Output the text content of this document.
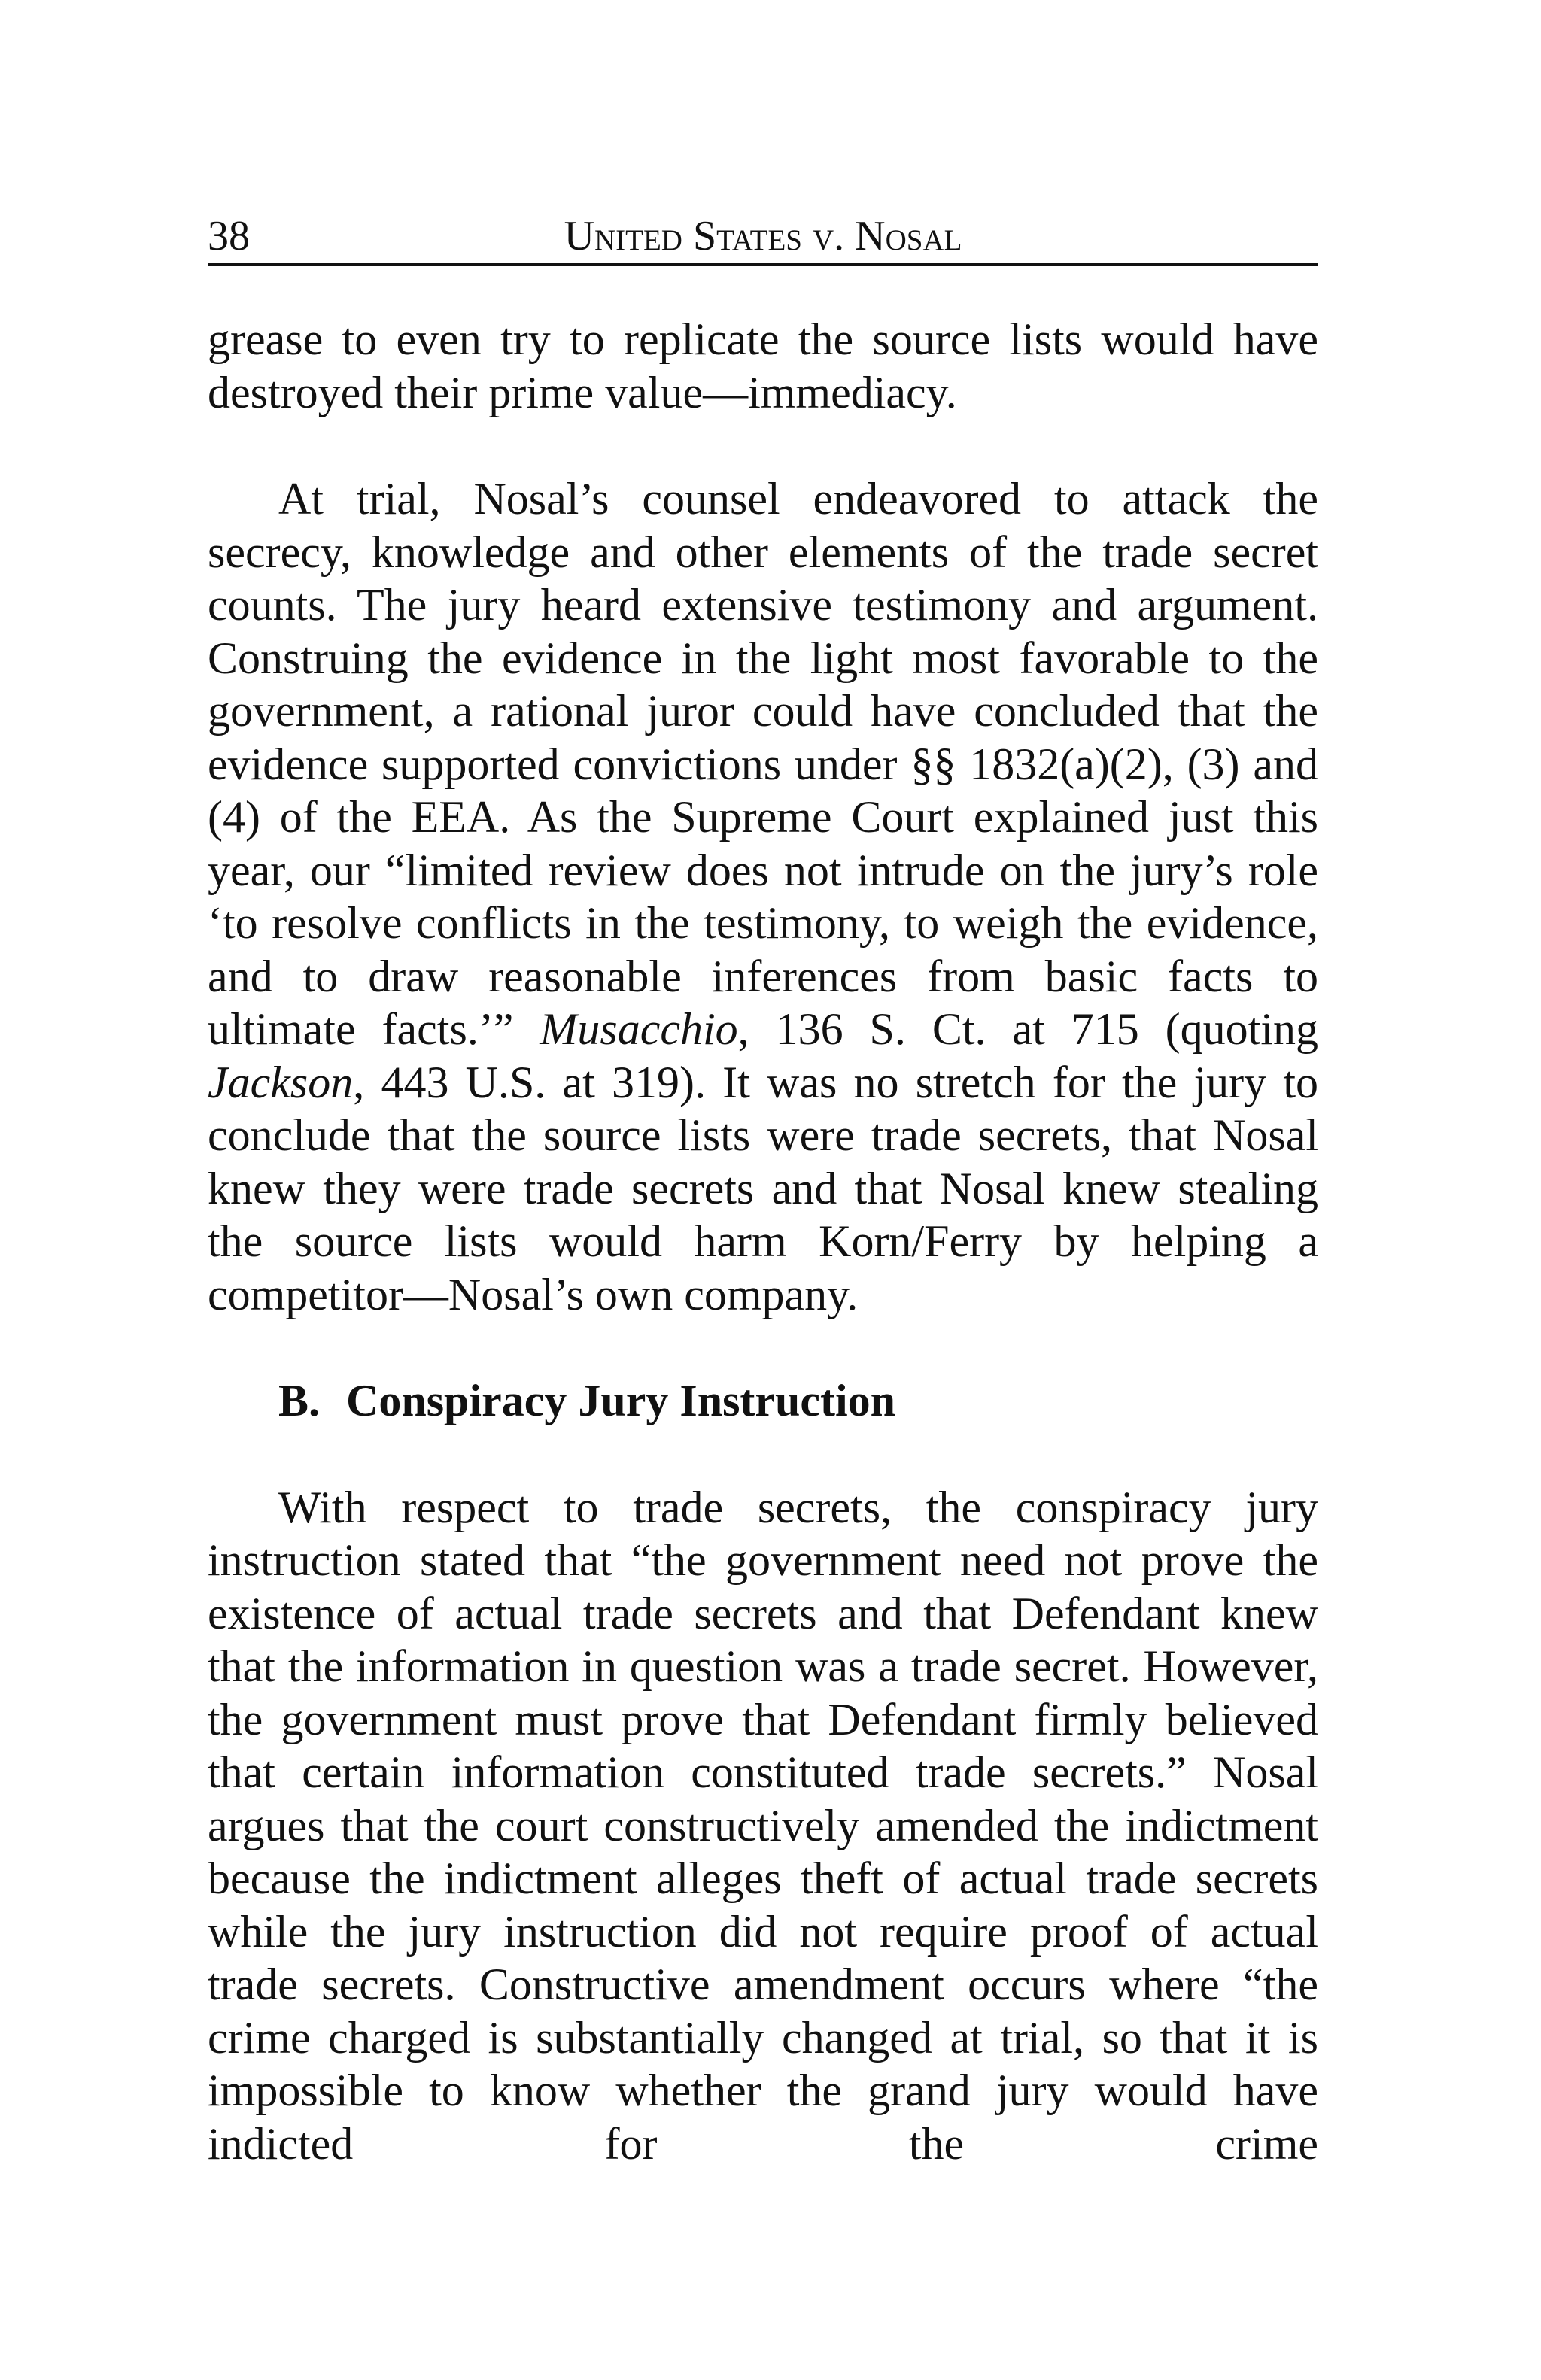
38	United States v. Nosal

grease to even try to replicate the source lists would have destroyed their prime value—immediacy.

At trial, Nosal’s counsel endeavored to attack the secrecy, knowledge and other elements of the trade secret counts. The jury heard extensive testimony and argument. Construing the evidence in the light most favorable to the government, a rational juror could have concluded that the evidence supported convictions under §§ 1832(a)(2), (3) and (4) of the EEA. As the Supreme Court explained just this year, our “limited review does not intrude on the jury’s role ‘to resolve conflicts in the testimony, to weigh the evidence, and to draw reasonable inferences from basic facts to ultimate facts.’” Musacchio, 136 S. Ct. at 715 (quoting Jackson, 443 U.S. at 319). It was no stretch for the jury to conclude that the source lists were trade secrets, that Nosal knew they were trade secrets and that Nosal knew stealing the source lists would harm Korn/Ferry by helping a competitor—Nosal’s own company.

B. Conspiracy Jury Instruction

With respect to trade secrets, the conspiracy jury instruction stated that “the government need not prove the existence of actual trade secrets and that Defendant knew that the information in question was a trade secret. However, the government must prove that Defendant firmly believed that certain information constituted trade secrets.” Nosal argues that the court constructively amended the indictment because the indictment alleges theft of actual trade secrets while the jury instruction did not require proof of actual trade secrets. Constructive amendment occurs where “the crime charged is substantially changed at trial, so that it is impossible to know whether the grand jury would have indicted for the crime
